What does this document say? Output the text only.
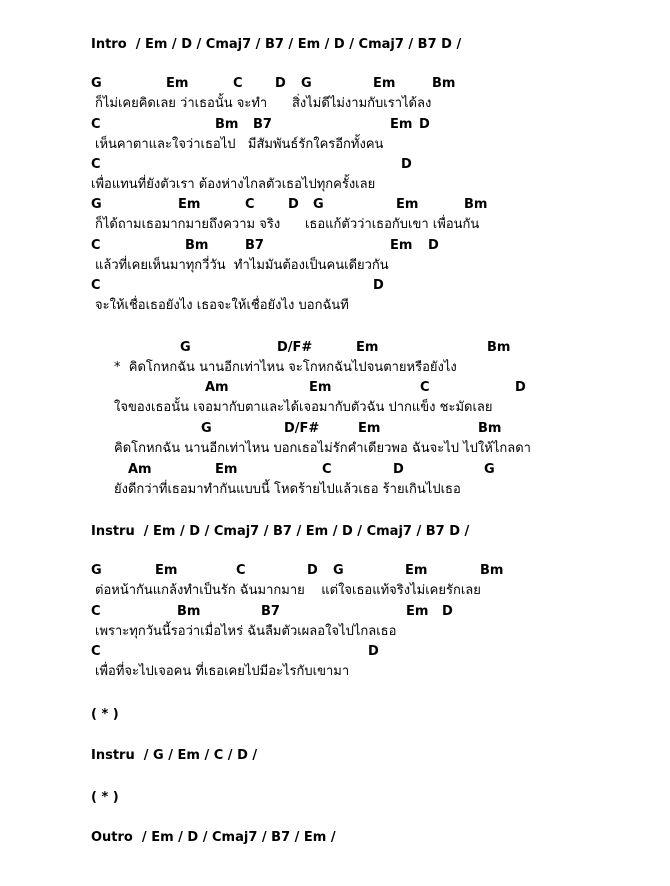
Intro  / Em / D / Cmaj7 / B7 / Em / D / Cmaj7 / B7 D /

G

	Em

	C

D

G

	Em

	Bm

ก็ไม่เคยคิดเลย ว่าเธอนั้น จะทำ      สิ่งไม่ดีไม่งามกับเราได้ลง

C

	Bm

B7

	Em

D

เห็นคาตาและใจว่าเธอไป   มีสัมพันธ์รักใครอีกทั้งคน

C

	D

เพื่อแทนที่ยังตัวเรา ต้องห่างไกลตัวเธอไปทุกครั้งเลย

G

	Em

	C

	D

G

	Em

	Bm

ก็ได้ถามเธอมากมายถึงความ จริง      เธอแก้ตัวว่าเธอกับเขา เพื่อนกัน

C

	Bm

	B7

	Em

D

แล้วที่เคยเห็นมาทุกวี่วัน  ทำไมมันต้องเป็นคนเดียวกัน

C

	D

จะให้เชื่อเธอยังไง เธอจะให้เชื่อยังไง บอกฉันที

G

	D/F#

	Em

	Bm

*  คิดโกหกฉัน นานอีกเท่าไหน จะโกหกฉันไปจนตายหรือยังไง

Am

	Em

	C

	D

ใจของเธอนั้น เจอมากับตาและได้เจอมากับตัวฉัน ปากแข็ง ชะมัดเลย

G

	D/F#

	Em

	Bm

คิดโกหกฉัน นานอีกเท่าไหน บอกเธอไม่รักคำเดียวพอ ฉันจะไป ไปให้ไกลดา

Am

	Em

	C

	D

	G

ยังดีกว่าที่เธอมาทำกันแบบนี้ โหดร้ายไปแล้วเธอ ร้ายเกินไปเธอ
Instru  / Em / D / Cmaj7 / B7 / Em / D / Cmaj7 / B7 D /

G

	Em

	C

	D

G

	Em

	Bm

ต่อหน้ากันแกล้งทำเป็นรัก ฉันมากมาย    แต่ใจเธอแท้จริงไม่เคยรักเลย

C

	Bm

	B7

	Em

D

เพราะทุกวันนี้รอว่าเมื่อไหร่ ฉันลืมตัวเผลอใจไปไกลเธอ

C

	D

เพื่อที่จะไปเจอคน ที่เธอเคยไปมีอะไรกับเขามา
( * )
Instru  / G / Em / C / D /
( * )
Outro  / Em / D / Cmaj7 / B7 / Em /
